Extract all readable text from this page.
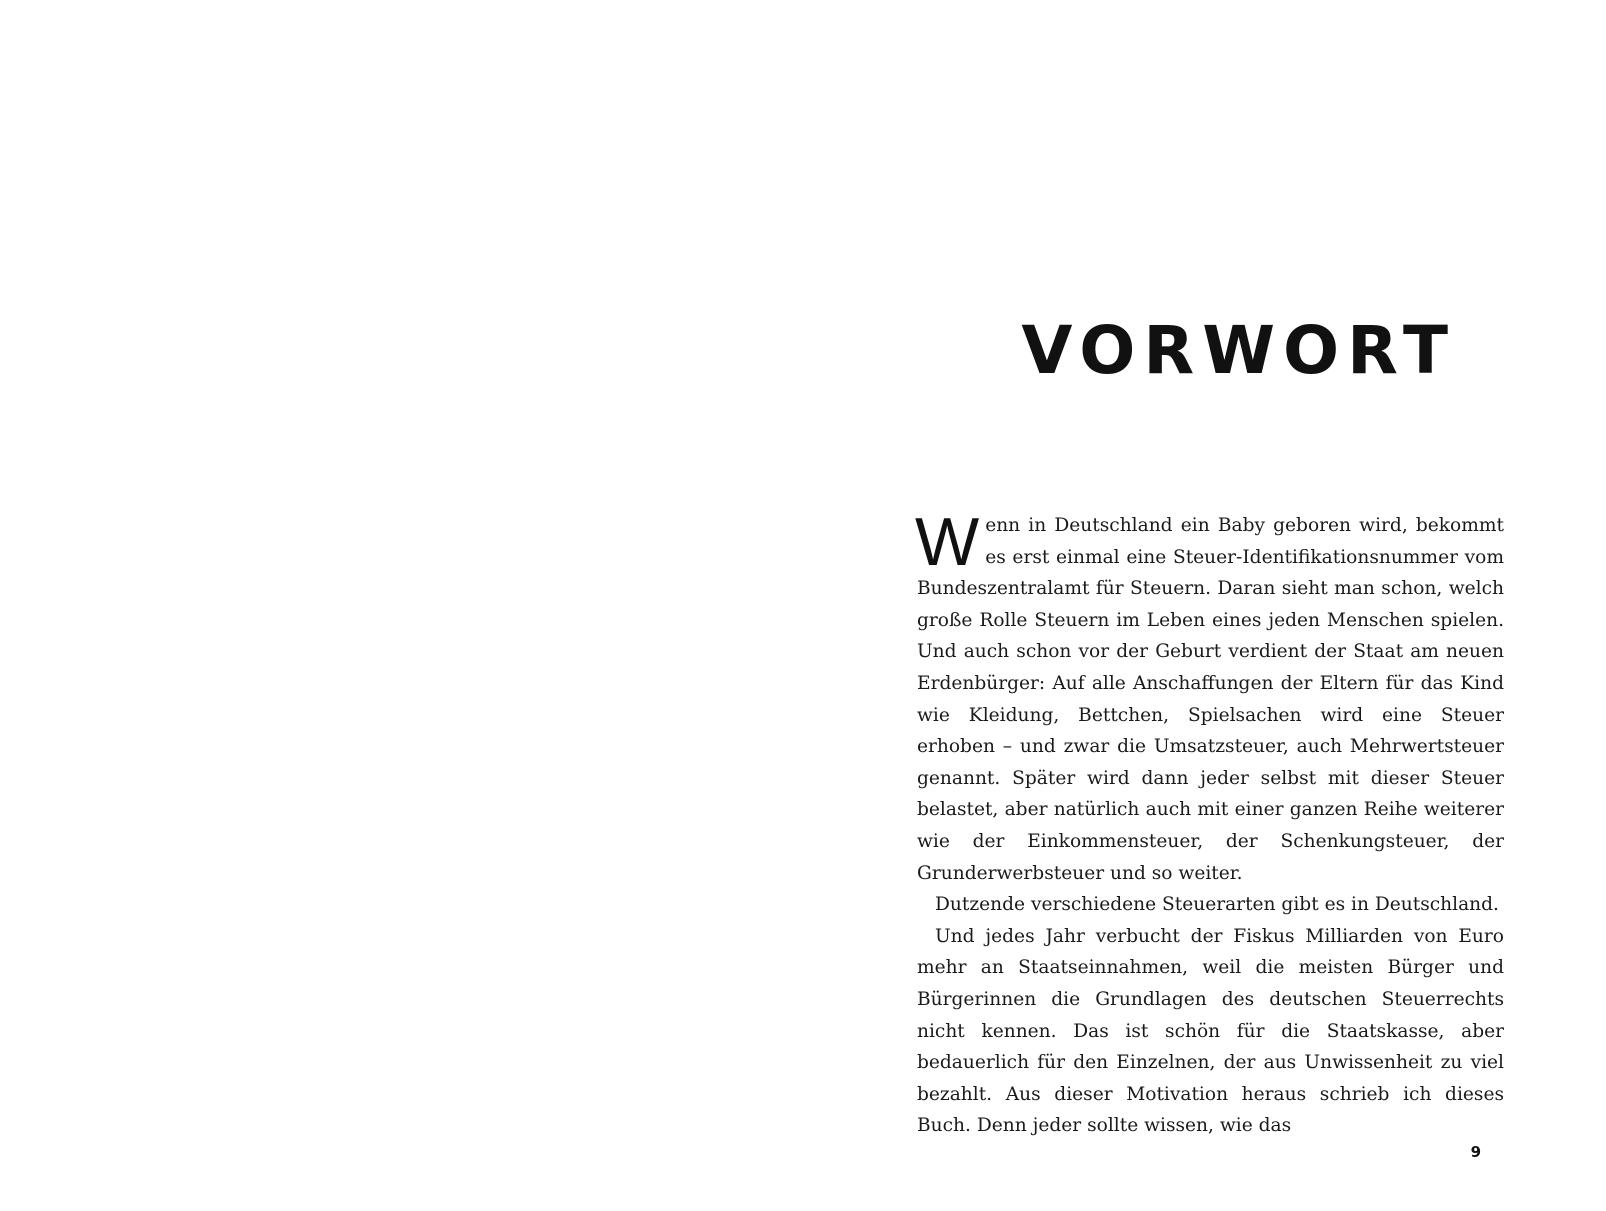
VORWORT

Wenn in Deutschland ein Baby geboren wird, bekommt es erst einmal eine Steuer-Identifikationsnummer vom Bundeszentralamt für Steuern. Daran sieht man schon, welch große Rolle Steuern im Leben eines jeden Menschen spielen. Und auch schon vor der Geburt verdient der Staat am neuen Erdenbürger: Auf alle Anschaffungen der Eltern für das Kind wie Kleidung, Bettchen, Spielsachen wird eine Steuer erhoben – und zwar die Umsatzsteuer, auch Mehrwertsteuer genannt. Später wird dann jeder selbst mit dieser Steuer belastet, aber natürlich auch mit einer ganzen Reihe weiterer wie der Einkommensteuer, der Schenkungsteuer, der Grunderwerbsteuer und so weiter.

Dutzende verschiedene Steuerarten gibt es in Deutschland.

Und jedes Jahr verbucht der Fiskus Milliarden von Euro mehr an Staatseinnahmen, weil die meisten Bürger und Bürgerinnen die Grundlagen des deutschen Steuerrechts nicht kennen. Das ist schön für die Staatskasse, aber bedauerlich für den Einzelnen, der aus Unwissenheit zu viel bezahlt. Aus dieser Motivation heraus schrieb ich dieses Buch. Denn jeder sollte wissen, wie das

9
